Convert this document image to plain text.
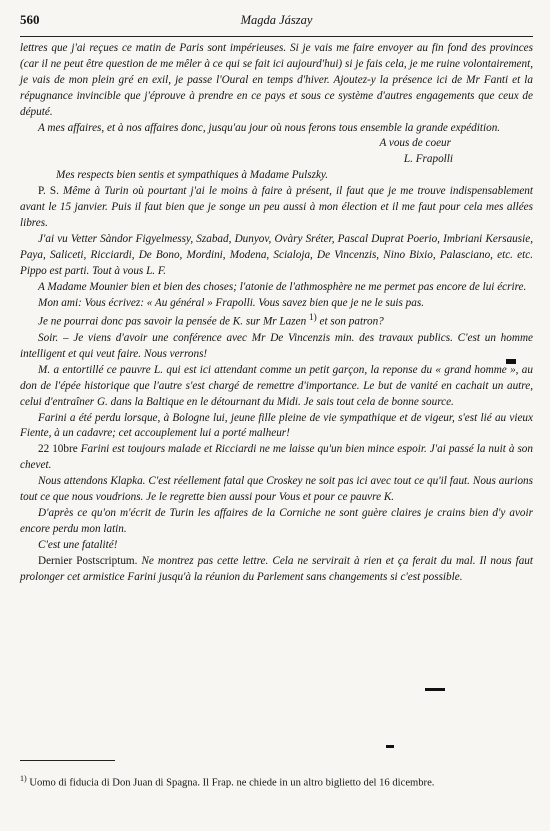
560	Magda Jászay

lettres que j'ai reçues ce matin de Paris sont impérieuses. Si je vais me faire envoyer au fin fond des provinces (car il ne peut être question de me mêler à ce qui se fait ici aujourd'hui) si je fais cela, je me ruine volontairement, je vais de mon plein gré en exil, je passe l'Oural en temps d'hiver. Ajoutez-y la présence ici de Mr Fanti et la répugnance invincible que j'éprouve à prendre en ce pays et sous ce système d'autres engagements que ceux de député.

A mes affaires, et à nos affaires donc, jusqu'au jour où nous ferons tous ensemble la grande expédition.

A vous de coeur

L. Frapolli

Mes respects bien sentis et sympathiques à Madame Pulszky.

P. S. Même à Turin où pourtant j'ai le moins à faire à présent, il faut que je me trouve indispensablement avant le 15 janvier. Puis il faut bien que je songe un peu aussi à mon élection et il me faut pour cela mes allées libres.

J'ai vu Vetter Sàndor Figyelmessy, Szabad, Dunyov, Ovàry Sréter, Pascal Duprat Poerio, Imbriani Kersausie, Paya, Saliceti, Ricciardi, De Bono, Mordini, Modena, Scialoja, De Vincenzis, Nino Bixio, Palasciano, etc. etc. Pippo est parti. Tout à vous L. F.

A Madame Mounier bien et bien des choses; l'atonie de l'athmosphère ne me permet pas encore de lui écrire.

Mon ami: Vous écrivez: « Au général » Frapolli. Vous savez bien que je ne le suis pas.

Je ne pourrai donc pas savoir la pensée de K. sur Mr Lazen $^{1)}$ et son patron?

Soir. – Je viens d'avoir une conférence avec Mr De Vincenzis min. des travaux publics. C'est un homme intelligent et qui veut faire. Nous verrons!

M. a entortillé ce pauvre L. qui est ici attendant comme un petit garçon, la reponse du « grand homme », au don de l'épée historique que l'autre s'est chargé de remettre d'importance. Le but de vanité en cachait un autre, celui d'entraîner G. dans la Baltique en le détournant du Midi. Je sais tout cela de bonne source.

Farini a été perdu lorsque, à Bologne lui, jeune fille pleine de vie sympathique et de vigeur, s'est lié au vieux Fiente, à un cadavre; cet accouplement lui a porté malheur!

22 10bre Farini est toujours malade et Ricciardi ne me laisse qu'un bien mince espoir. J'ai passé la nuit à son chevet.

Nous attendons Klapka. C'est réellement fatal que Croskey ne soit pas ici avec tout ce qu'il faut. Nous aurions tout ce que nous voudrions. Je le regrette bien aussi pour Vous et pour ce pauvre K.

D'après ce qu'on m'écrit de Turin les affaires de la Corniche ne sont guère claires je crains bien d'y avoir encore perdu mon latin.

C'est une fatalité!

Dernier Postscriptum. Ne montrez pas cette lettre. Cela ne servirait à rien et ça ferait du mal. Il nous faut prolonger cet armistice Farini jusqu'à la réunion du Parlement sans changements si c'est possible.

$^{1)}$ Uomo di fiducia di Don Juan di Spagna. Il Frap. ne chiede in un altro biglietto del 16 dicembre.
